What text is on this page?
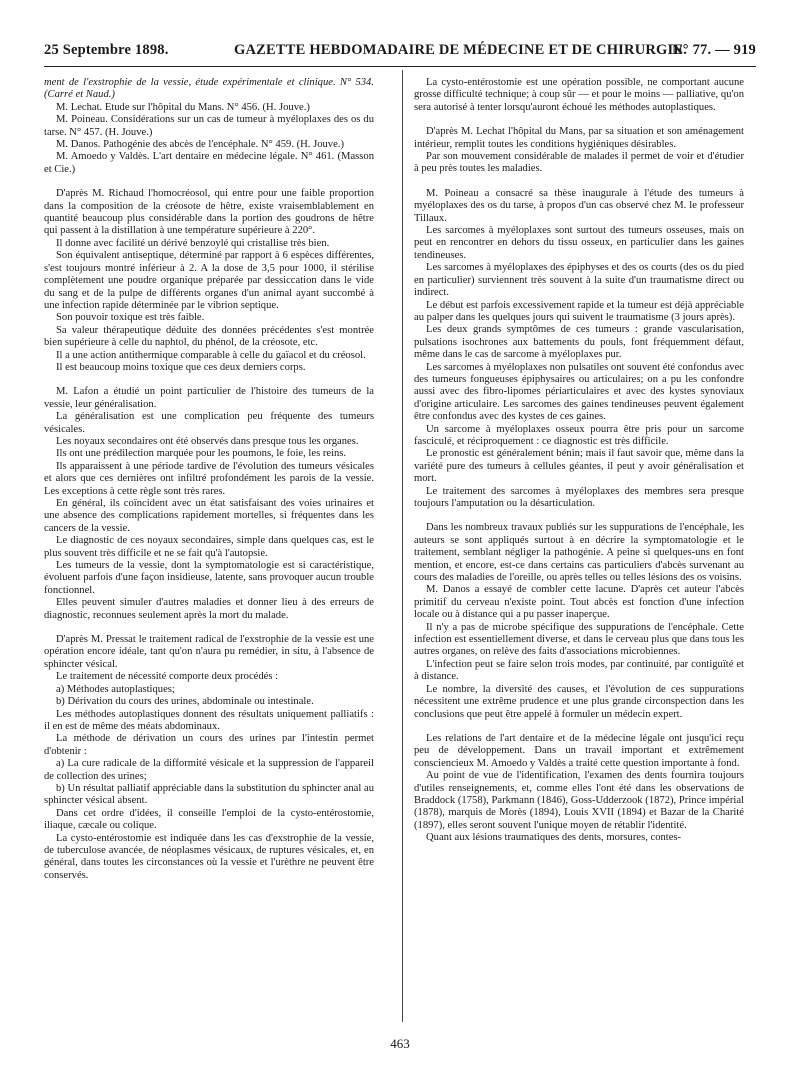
25 Septembre 1898.	GAZETTE HEBDOMADAIRE DE MÉDECINE ET DE CHIRURGIE.
N° 77. — 919

ment de l'exstrophie de la vessie, étude expérimentale et clinique. N° 534. (Carré et Naud.)

M. Lechat. Etude sur l'hôpital du Mans. N° 456. (H. Jouve.)

M. Poineau. Considérations sur un cas de tumeur à myéloplaxes des os du tarse. N° 457. (H. Jouve.)

M. Danos. Pathogénie des abcès de l'encéphale. N° 459. (H. Jouve.)

M. Amoedo y Valdès. L'art dentaire en médecine légale. N° 461. (Masson et Cie.)

D'après M. Richaud l'homocréosol, qui entre pour une faible proportion dans la composition de la créosote de hêtre, existe vraisemblablement en quantité beaucoup plus considérable dans la portion des goudrons de hêtre qui passent à la distillation à une température supérieure à 220°.

Il donne avec facilité un dérivé benzoylé qui cristallise très bien.

Son équivalent antiseptique, déterminé par rapport à 6 espèces différentes, s'est toujours montré inférieur à 2. A la dose de 3,5 pour 1000, il stérilise complètement une poudre organique préparée par dessiccation dans le vide du sang et de la pulpe de différents organes d'un animal ayant succombé à une infection rapide déterminée par le vibrion septique.

Son pouvoir toxique est très faible.

Sa valeur thérapeutique déduite des données précédentes s'est montrée bien supérieure à celle du naphtol, du phénol, de la créosote, etc.

Il a une action antithermique comparable à celle du gaïacol et du créosol.

Il est beaucoup moins toxique que ces deux derniers corps.

M. Lafon a étudié un point particulier de l'histoire des tumeurs de la vessie, leur généralisation.

La généralisation est une complication peu fréquente des tumeurs vésicales.

Les noyaux secondaires ont été observés dans presque tous les organes.

Ils ont une prédilection marquée pour les poumons, le foie, les reins.

Ils apparaissent à une période tardive de l'évolution des tumeurs vésicales et alors que ces dernières ont infiltré profondément les parois de la vessie. Les exceptions à cette règle sont très rares.

En général, ils coïncident avec un état satisfaisant des voies urinaires et une absence des complications rapidement mortelles, si fréquentes dans les cancers de la vessie.

Le diagnostic de ces noyaux secondaires, simple dans quelques cas, est le plus souvent très difficile et ne se fait qu'à l'autopsie.

Les tumeurs de la vessie, dont la symptomatologie est si caractéristique, évoluent parfois d'une façon insidieuse, latente, sans provoquer aucun trouble fonctionnel.

Elles peuvent simuler d'autres maladies et donner lieu à des erreurs de diagnostic, reconnues seulement après la mort du malade.

D'après M. Pressat le traitement radical de l'exstrophie de la vessie est une opération encore idéale, tant qu'on n'aura pu remédier, in situ, à l'absence de sphincter vésical.

Le traitement de nécessité comporte deux procédés :

a) Méthodes autoplastiques;

b) Dérivation du cours des urines, abdominale ou intestinale.

Les méthodes autoplastiques donnent des résultats uniquement palliatifs : il en est de même des méats abdominaux.

La méthode de dérivation un cours des urines par l'intestin permet d'obtenir :

a) La cure radicale de la difformité vésicale et la suppression de l'appareil de collection des urines;

b) Un résultat palliatif appréciable dans la substitution du sphincter anal au sphincter vésical absent.

Dans cet ordre d'idées, il conseille l'emploi de la cysto-entérostomie, iliaque, cæcale ou colique.

La cysto-entérostomie est indiquée dans les cas d'exstrophie de la vessie, de tuberculose avancée, de néoplasmes vésicaux, de ruptures vésicales, et, en général, dans toutes les circonstances où la vessie et l'urèthre ne peuvent être conservés.

La cysto-entérostomie est une opération possible, ne comportant aucune grosse difficulté technique; à coup sûr — et pour le moins — palliative, qu'on sera autorisé à tenter lorsqu'auront échoué les méthodes autoplastiques.

D'après M. Lechat l'hôpital du Mans, par sa situation et son aménagement intérieur, remplit toutes les conditions hygiéniques désirables.

Par son mouvement considérable de malades il permet de voir et d'étudier à peu près toutes les maladies.

M. Poineau a consacré sa thèse inaugurale à l'étude des tumeurs à myéloplaxes des os du tarse, à propos d'un cas observé chez M. le professeur Tillaux.

Les sarcomes à myéloplaxes sont surtout des tumeurs osseuses, mais on peut en rencontrer en dehors du tissu osseux, en particulier dans les gaines tendineuses.

Les sarcomes à myéloplaxes des épiphyses et des os courts (des os du pied en particulier) surviennent très souvent à la suite d'un traumatisme direct ou indirect.

Le début est parfois excessivement rapide et la tumeur est déjà appréciable au palper dans les quelques jours qui suivent le traumatisme (3 jours après).

Les deux grands symptômes de ces tumeurs : grande vascularisation, pulsations isochrones aux battements du pouls, font fréquemment défaut, même dans le cas de sarcome à myéloplaxes pur.

Les sarcomes à myéloplaxes non pulsatiles ont souvent été confondus avec des tumeurs fongueuses épiphysaires ou articulaires; on a pu les confondre aussi avec des fibro-lipomes périarticulaires et avec des kystes synoviaux d'origine articulaire. Les sarcomes des gaines tendineuses peuvent également être confondus avec des kystes de ces gaines.

Un sarcome à myéloplaxes osseux pourra être pris pour un sarcome fasciculé, et réciproquement : ce diagnostic est très difficile.

Le pronostic est généralement bénin; mais il faut savoir que, même dans la variété pure des tumeurs à cellules géantes, il peut y avoir généralisation et mort.

Le traitement des sarcomes à myéloplaxes des membres sera presque toujours l'amputation ou la désarticulation.

Dans les nombreux travaux publiés sur les suppurations de l'encéphale, les auteurs se sont appliqués surtout à en décrire la symptomatologie et le traitement, semblant négliger la pathogénie. A peine si quelques-uns en font mention, et encore, est-ce dans certains cas particuliers d'abcès survenant au cours des maladies de l'oreille, ou après telles ou telles lésions des os voisins.

M. Danos a essayé de combler cette lacune. D'après cet auteur l'abcès primitif du cerveau n'existe point. Tout abcès est fonction d'une infection locale ou à distance qui a pu passer inaperçue.

Il n'y a pas de microbe spécifique des suppurations de l'encéphale. Cette infection est essentiellement diverse, et dans le cerveau plus que dans tous les autres organes, on relève des faits d'associations microbiennes.

L'infection peut se faire selon trois modes, par continuité, par contiguïté et à distance.

Le nombre, la diversité des causes, et l'évolution de ces suppurations nécessitent une extrême prudence et une plus grande circonspection dans les conclusions que peut être appelé à formuler un médecin expert.

Les relations de l'art dentaire et de la médecine légale ont jusqu'ici reçu peu de développement. Dans un travail important et extrêmement consciencieux M. Amoedo y Valdès a traité cette question importante à fond.

Au point de vue de l'identification, l'examen des dents fournira toujours d'utiles renseignements, et, comme elles l'ont été dans les observations de Braddock (1758), Parkmann (1846), Goss-Udderzook (1872), Prince impérial (1878), marquis de Morès (1894), Louis XVII (1894) et Bazar de la Charité (1897), elles seront souvent l'unique moyen de rétablir l'identité.

Quant aux lésions traumatiques des dents, morsures, contes-

463
